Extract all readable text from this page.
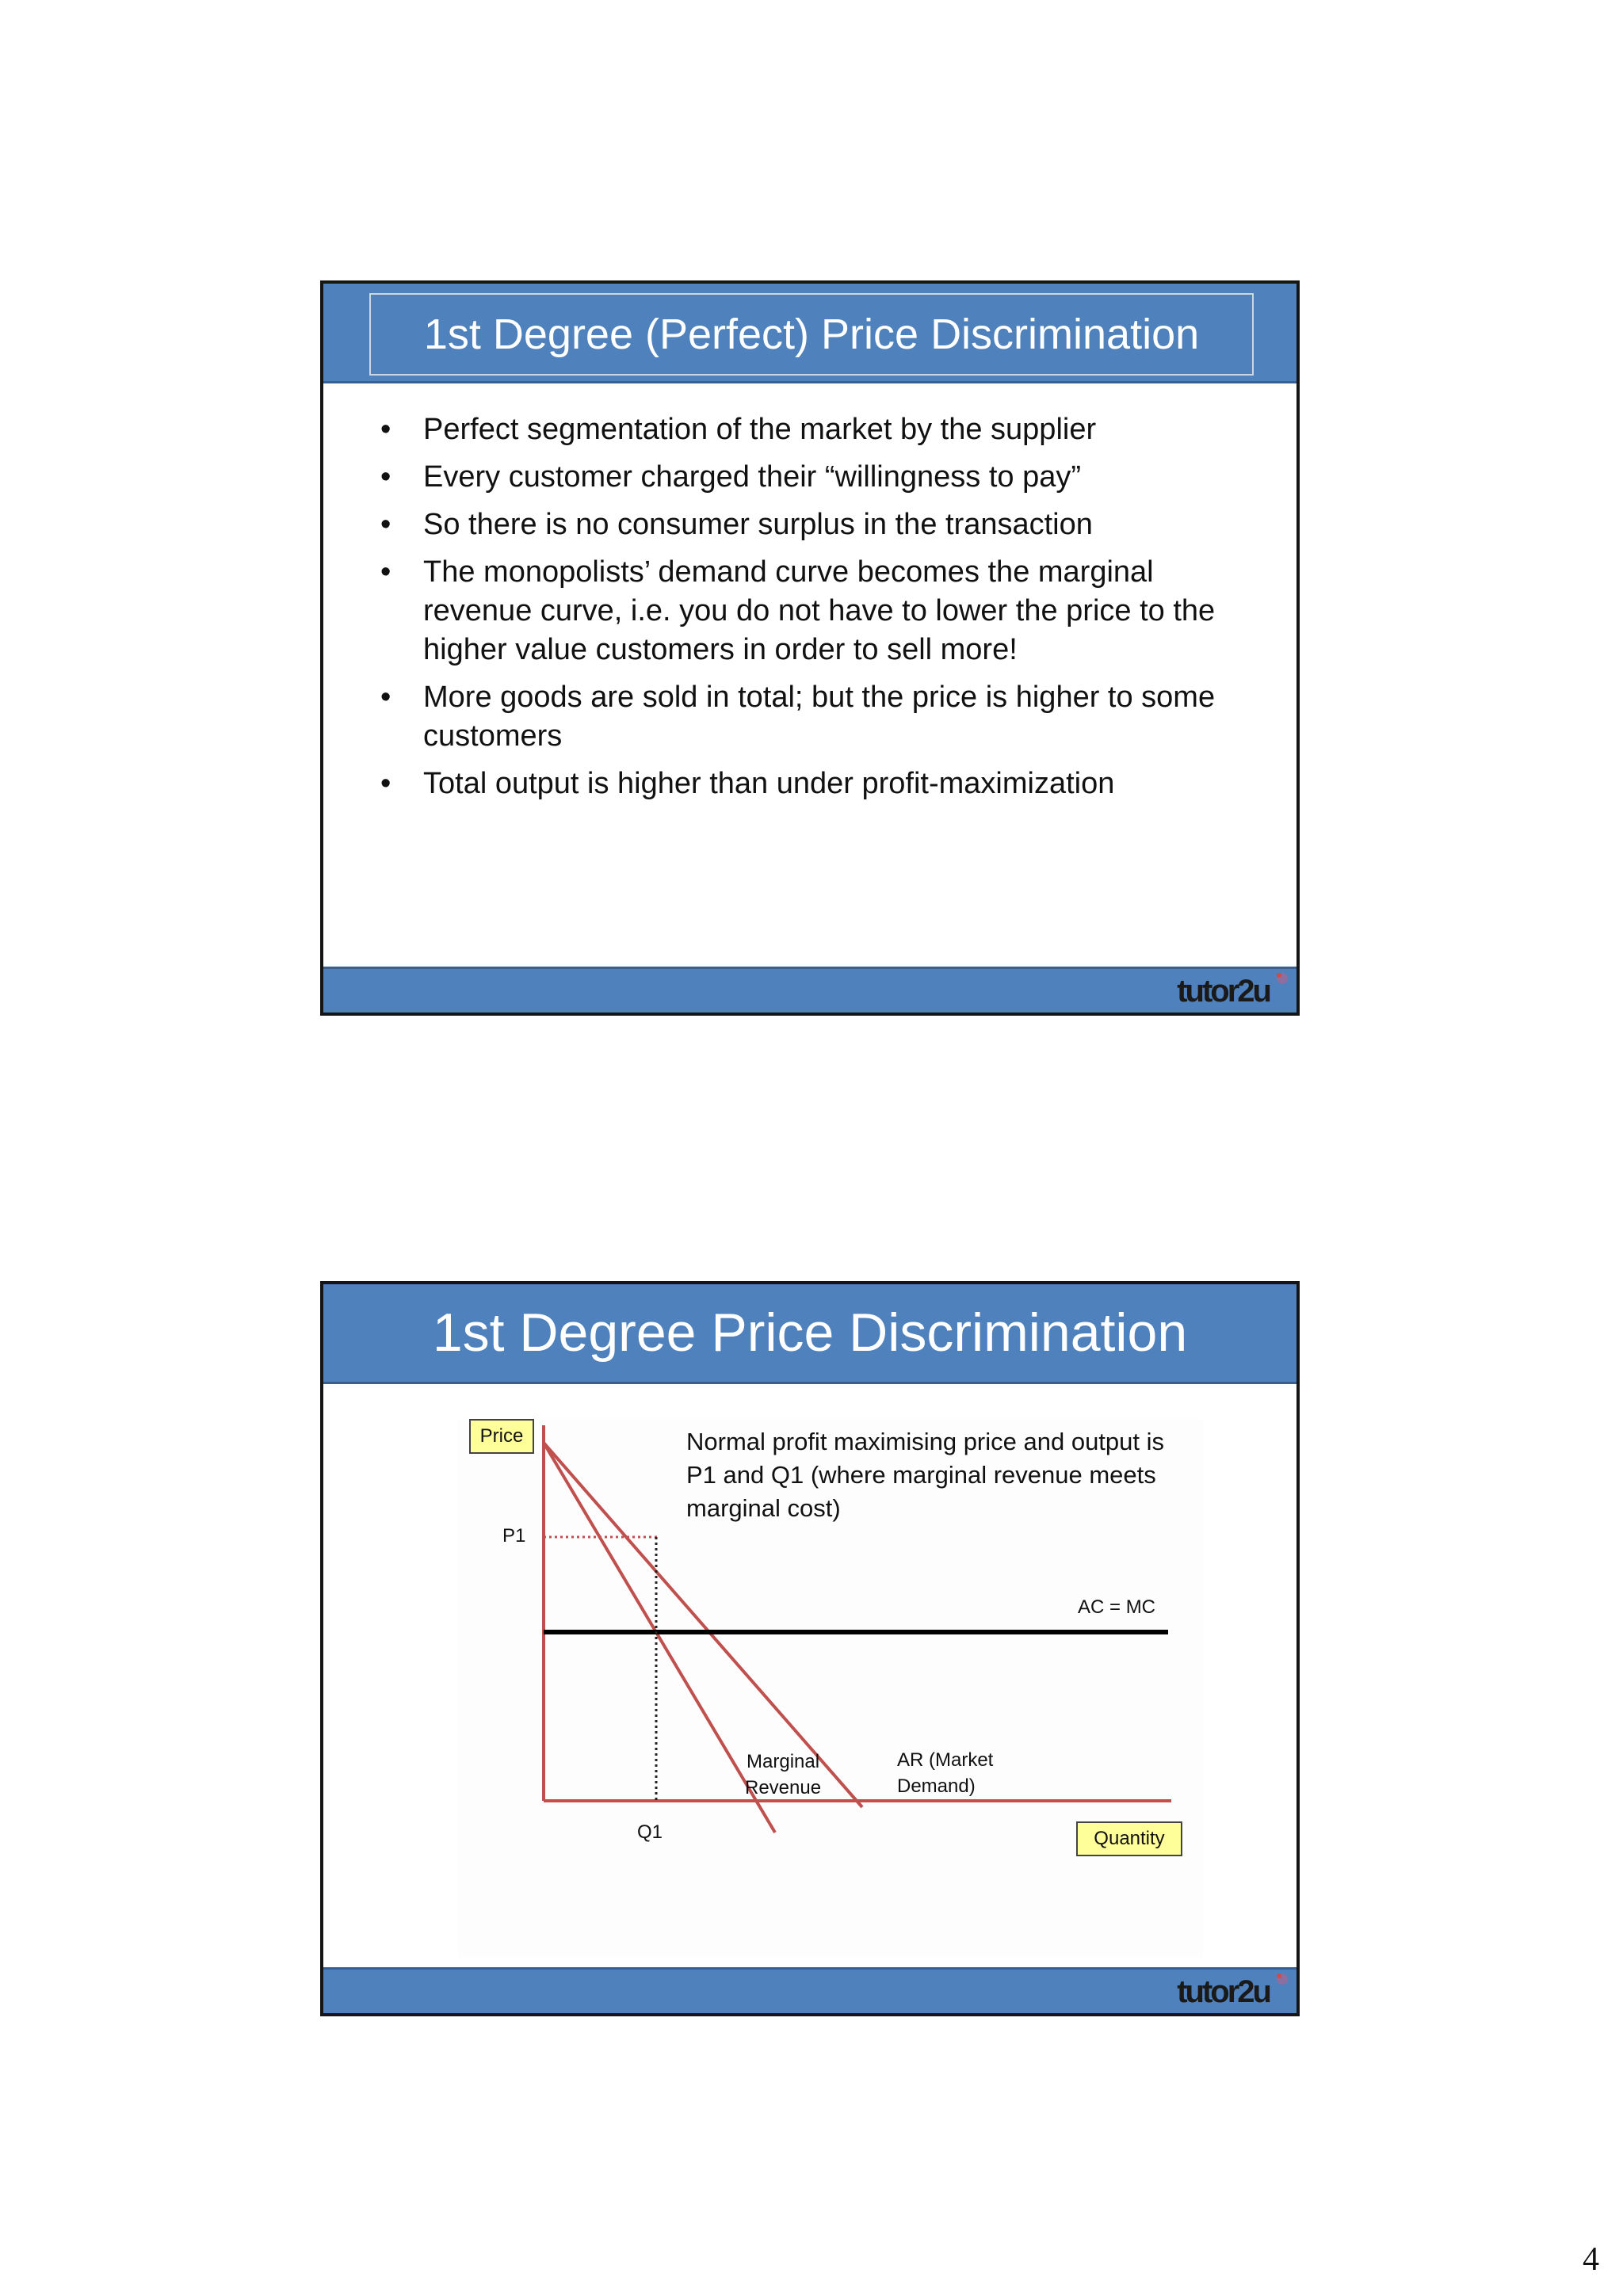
1st Degree (Perfect) Price Discrimination
• Perfect segmentation of the market by the supplier
• Every customer charged their “willingness to pay”
• So there is no consumer surplus in the transaction
• The monopolists’ demand curve becomes the marginal revenue curve, i.e. you do not have to lower the price to the higher value customers in order to sell more!
• More goods are sold in total; but the price is higher to some customers
• Total output is higher than under profit-maximization
tutor2u
1st Degree Price Discrimination
Price
Quantity
Normal profit maximising price and output is P1 and Q1 (where marginal revenue meets marginal cost)
P1
Q1
AC = MC
Marginal
Revenue
AR (Market
Demand)
tutor2u
4
